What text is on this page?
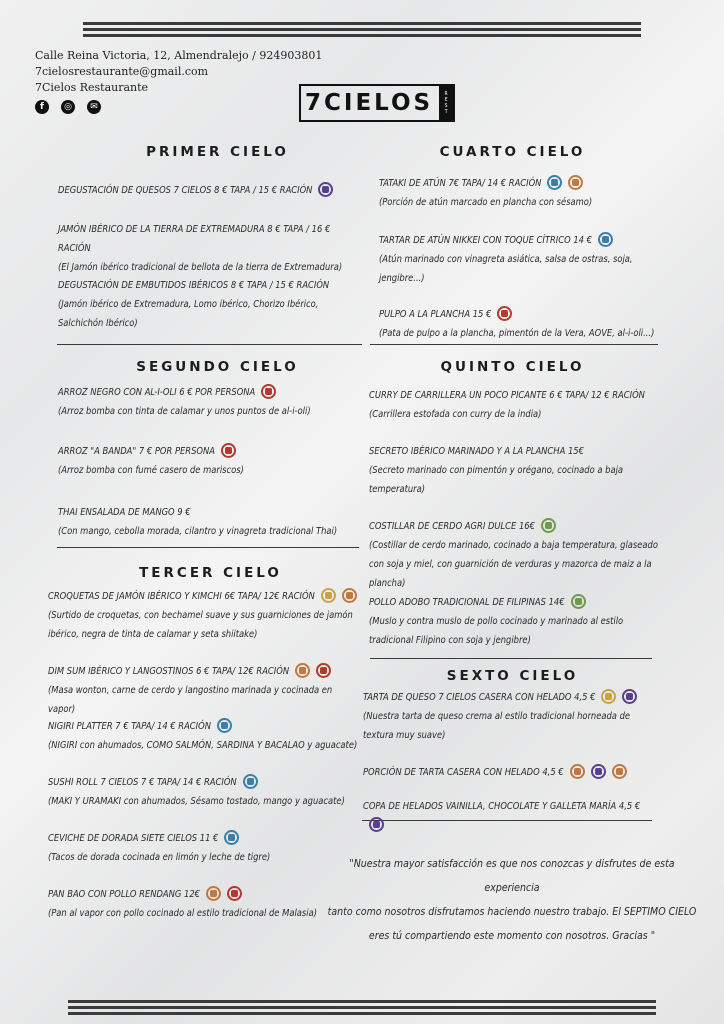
Calle Reina Victoria, 12, Almendralejo / 924903801
7cielosrestaurante@gmail.com
7Cielos Restaurante
f	◎	✉	7CIELOS	R
E
S
T
PRIMER CIELO	CUARTO CIELO
SEGUNDO CIELO	QUINTO CIELO
TERCER CIELO
SEXTO CIELO
DEGUSTACIÓN DE QUESOS 7 CIELOS 8 € TAPA / 15 € RACIÓN
JAMÓN IBÉRICO DE LA TIERRA DE EXTREMADURA 8 € TAPA / 16 € RACIÓN
(El Jamón ibérico tradicional de bellota de la tierra de Extremadura)
DEGUSTACIÓN DE EMBUTIDOS IBÉRICOS 8 € TAPA / 15 € RACIÓN
(Jamón ibérico de Extremadura, Lomo ibérico, Chorizo Ibérico, Salchichón Ibérico)
ARROZ NEGRO CON AL-I-OLI 6 € POR PERSONA
(Arroz bomba con tinta de calamar y unos puntos de al-i-oli)
ARROZ "A BANDA" 7 € POR PERSONA
(Arroz bomba con fumé casero de mariscos)
THAI ENSALADA DE MANGO 9 €
(Con mango, cebolla morada, cilantro y vinagreta tradicional Thai)
CROQUETAS DE JAMÓN IBÉRICO Y KIMCHI 6€ TAPA/ 12€ RACIÓN
(Surtido de croquetas, con bechamel suave y sus guarniciones de jamón ibérico, negra de tinta de calamar y seta shiitake)
DIM SUM IBÉRICO Y LANGOSTINOS 6 € TAPA/ 12€ RACIÓN
(Masa wonton, carne de cerdo y langostino marinada y cocinada en vapor)
NIGIRI PLATTER 7 € TAPA/ 14 € RACIÓN
(NIGIRI con ahumados, COMO SALMÓN, SARDINA Y BACALAO y aguacate)
SUSHI ROLL 7 CIELOS 7 € TAPA/ 14 € RACIÓN
(MAKI Y URAMAKI con ahumados, Sésamo tostado, mango y aguacate)
CEVICHE DE DORADA SIETE CIELOS 11 €
(Tacos de dorada cocinada en limón y leche de tigre)
PAN BAO CON POLLO RENDANG 12€
(Pan al vapor con pollo cocinado al estilo tradicional de Malasia)
TATAKI DE ATÚN 7€ TAPA/ 14 € RACIÓN
(Porción de atún marcado en plancha con sésamo)
TARTAR DE ATÚN NIKKEI CON TOQUE CÍTRICO 14 €
(Atún marinado con vinagreta asiática, salsa de ostras, soja, jengibre...)
PULPO A LA PLANCHA 15 €
(Pata de pulpo a la plancha, pimentón de la Vera, AOVE, al-i-oli...)
CURRY DE CARRILLERA UN POCO PICANTE 6 € TAPA/ 12 € RACIÓN
(Carrillera estofada con curry de la india)
SECRETO IBÉRICO MARINADO Y A LA PLANCHA 15€
(Secreto marinado con pimentón y orégano, cocinado a baja temperatura)
COSTILLAR DE CERDO AGRI DULCE 16€
(Costillar de cerdo marinado, cocinado a baja temperatura, glaseado con soja y miel, con guarnición de verduras y mazorca de maiz a la plancha)
POLLO ADOBO TRADICIONAL DE FILIPINAS 14€
(Muslo y contra muslo de pollo cocinado y marinado al estilo tradicional Filipino con soja y jengibre)
TARTA DE QUESO 7 CIELOS CASERA CON HELADO 4,5 €
(Nuestra tarta de queso crema al estilo tradicional horneada de textura muy suave)
PORCIÓN DE TARTA CASERA CON HELADO 4,5 €
COPA DE HELADOS VAINILLA, CHOCOLATE Y GALLETA MARÍA 4,5 €
"Nuestra mayor satisfacción es que nos conozcas y disfrutes de esta experiencia
tanto como nosotros disfrutamos haciendo nuestro trabajo. El SEPTIMO CIELO
eres tú compartiendo este momento con nosotros. Gracias "
